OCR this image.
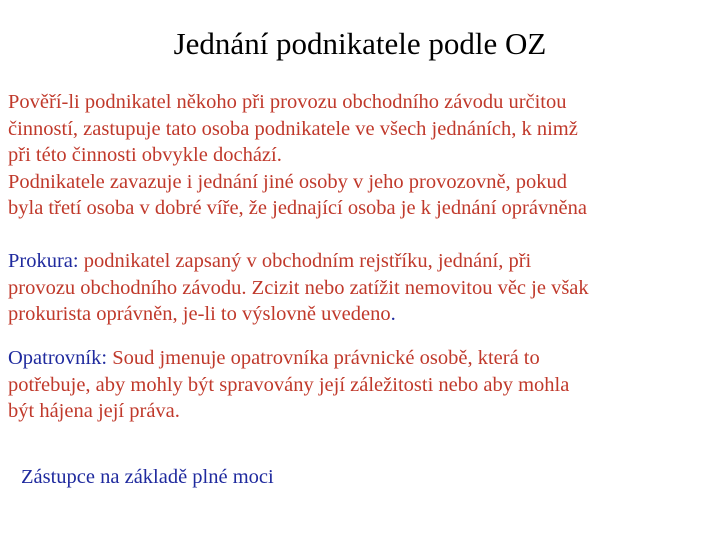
Jednání podnikatele podle OZ

Pověří-li podnikatel někoho při provozu obchodního závodu určitou
činností, zastupuje tato osoba podnikatele ve všech jednáních, k nimž
při této činnosti obvykle dochází.
Podnikatele zavazuje i jednání jiné osoby v jeho provozovně, pokud
byla třetí osoba v dobré víře, že jednající osoba je k jednání oprávněna

Prokura: podnikatel zapsaný v obchodním rejstříku, jednání, při
provozu obchodního závodu. Zcizit nebo zatížit nemovitou věc je však
prokurista oprávněn, je-li to výslovně uvedeno.

Opatrovník: Soud jmenuje opatrovníka právnické osobě, která to
potřebuje, aby mohly být spravovány její záležitosti nebo aby mohla
být hájena její práva.

Zástupce na základě plné moci
